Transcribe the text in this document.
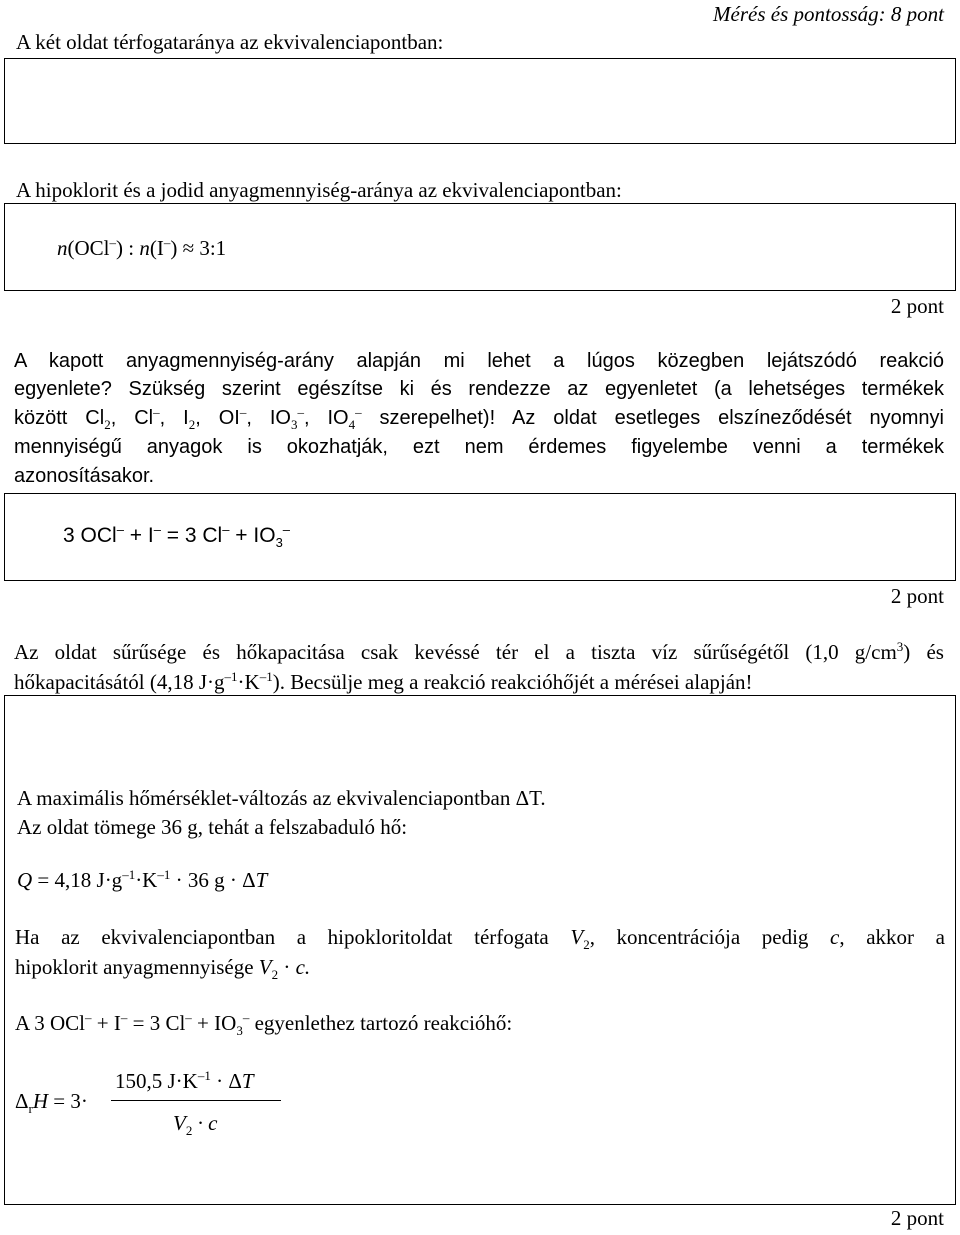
A két oldat térfogataránya az ekvivalenciapontban:
Mérés és pontosság: 8 pont
A hipoklorit és a jodid anyagmennyiség-aránya az ekvivalenciapontban:
n(OCl–) : n(I–) ≈ 3:1
2 pont
A kapott anyagmennyiség-arány alapján mi lehet a lúgos közegben lejátszódó reakció
egyenlete? Szükség szerint egészítse ki és rendezze az egyenletet (a lehetséges termékek
között $Cl_2$, Cl–, $I_2$, OI–, $IO_3^-$, $IO_4^-$ szerepelhet)! Az oldat esetleges elszíneződését nyomnyi
mennyiségű anyagok is okozhatják, ezt nem érdemes figyelembe venni a termékek
azonosításakor.
3 OCl– + I– = 3 $Cl^- + IO_3^-$
2 pont
Az oldat sűrűsége és hőkapacitása csak kevéssé tér el a tiszta víz sűrűségétől (1,0 $g/cm^3$) és
hőkapacitásától (4,18 $J\cdot g^{-1}\cdot K^{-1}$). Becsülje meg a reakció reakcióhőjét a mérései alapján!
A maximális hőmérséklet-változás az ekvivalenciapontban ΔT.
Az oldat tömege 36 g, tehát a felszabaduló hő:
Q = 4,18 $J\cdot g^{-1}\cdot K^{-1} \cdot 36$ g · ΔT
Ha az ekvivalenciapontban a hipokloritoldat térfogata $V_2$, koncentrációja pedig c, akkor a
hipoklorit anyagmennyisége $V_2 \cdot c$.
A 3 OCl– + I– = 3 $Cl^- + IO_3^-$ egyenlethez tartozó reakcióhő:
$\Delta_rH = 3\cdot$
150,5 $J\cdot K^{-1} \cdot \Delta T$
$V_2 \cdot c$
2 pont
